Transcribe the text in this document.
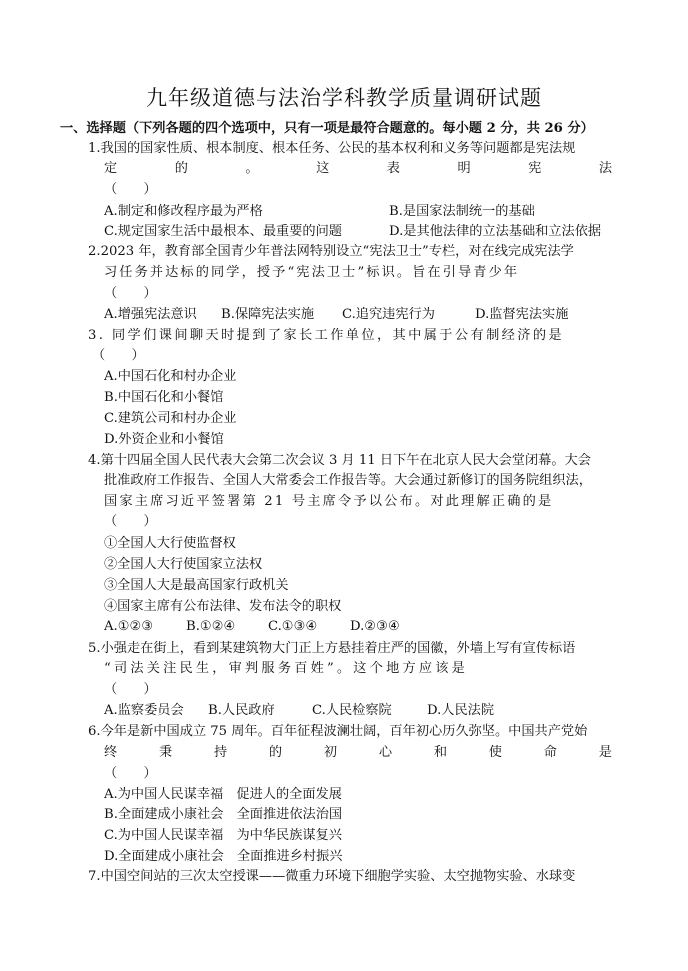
九年级道德与法治学科教学质量调研试题
一、选择题（下列各题的四个选项中，只有一项是最符合题意的。每小题 2 分，共 26 分）
1.我国的国家性质、根本制度、根本任务、公民的基本权利和义务等问题都是宪法规
定	的	。	这	表	明	宪	法
（　　）
A.制定和修改程序最为严格	B.是国家法制统一的基础
C.规定国家生活中最根本、最重要的问题	D.是其他法律的立法基础和立法依据
2.2023 年，教育部全国青少年普法网特别设立“宪法卫士”专栏，对在线完成宪法学
习任务并达标的同学，授予“宪法卫士”标识。旨在引导青少年
（　　）
A.增强宪法意识 B.保障宪法实施 C.追究违宪行为	D.监督宪法实施
3. 同学们课间聊天时提到了家长工作单位，其中属于公有制经济的是
（　　）
A.中国石化和村办企业
B.中国石化和小餐馆
C.建筑公司和村办企业
D.外资企业和小餐馆
4.第十四届全国人民代表大会第二次会议 3 月 11 日下午在北京人民大会堂闭幕。大会
批准政府工作报告、全国人大常委会工作报告等。大会通过新修订的国务院组织法，
国家主席习近平签署第 21 号主席令予以公布。对此理解正确的是
（　　）
①全国人大行使监督权
②全国人大行使国家立法权
③全国人大是最高国家行政机关
④国家主席有公布法律、发布法令的职权
A.①②③ B.①②④ C.①③④ D.②③④
5.小强走在街上，看到某建筑物大门正上方悬挂着庄严的国徽，外墙上写有宣传标语
“司法关注民生，审判服务百姓”。这个地方应该是
（　　）
A.监察委员会 B.人民政府	C.人民检察院	D.人民法院
6.今年是新中国成立 75 周年。百年征程波澜壮阔，百年初心历久弥坚。中国共产党始
终	秉	持	的	初	心	和	使	命	是
（　　）
A.为中国人民谋幸福　促进人的全面发展
B.全面建成小康社会　全面推进依法治国
C.为中国人民谋幸福　为中华民族谋复兴
D.全面建成小康社会　全面推进乡村振兴
7.中国空间站的三次太空授课——微重力环境下细胞学实验、太空抛物实验、水球变
